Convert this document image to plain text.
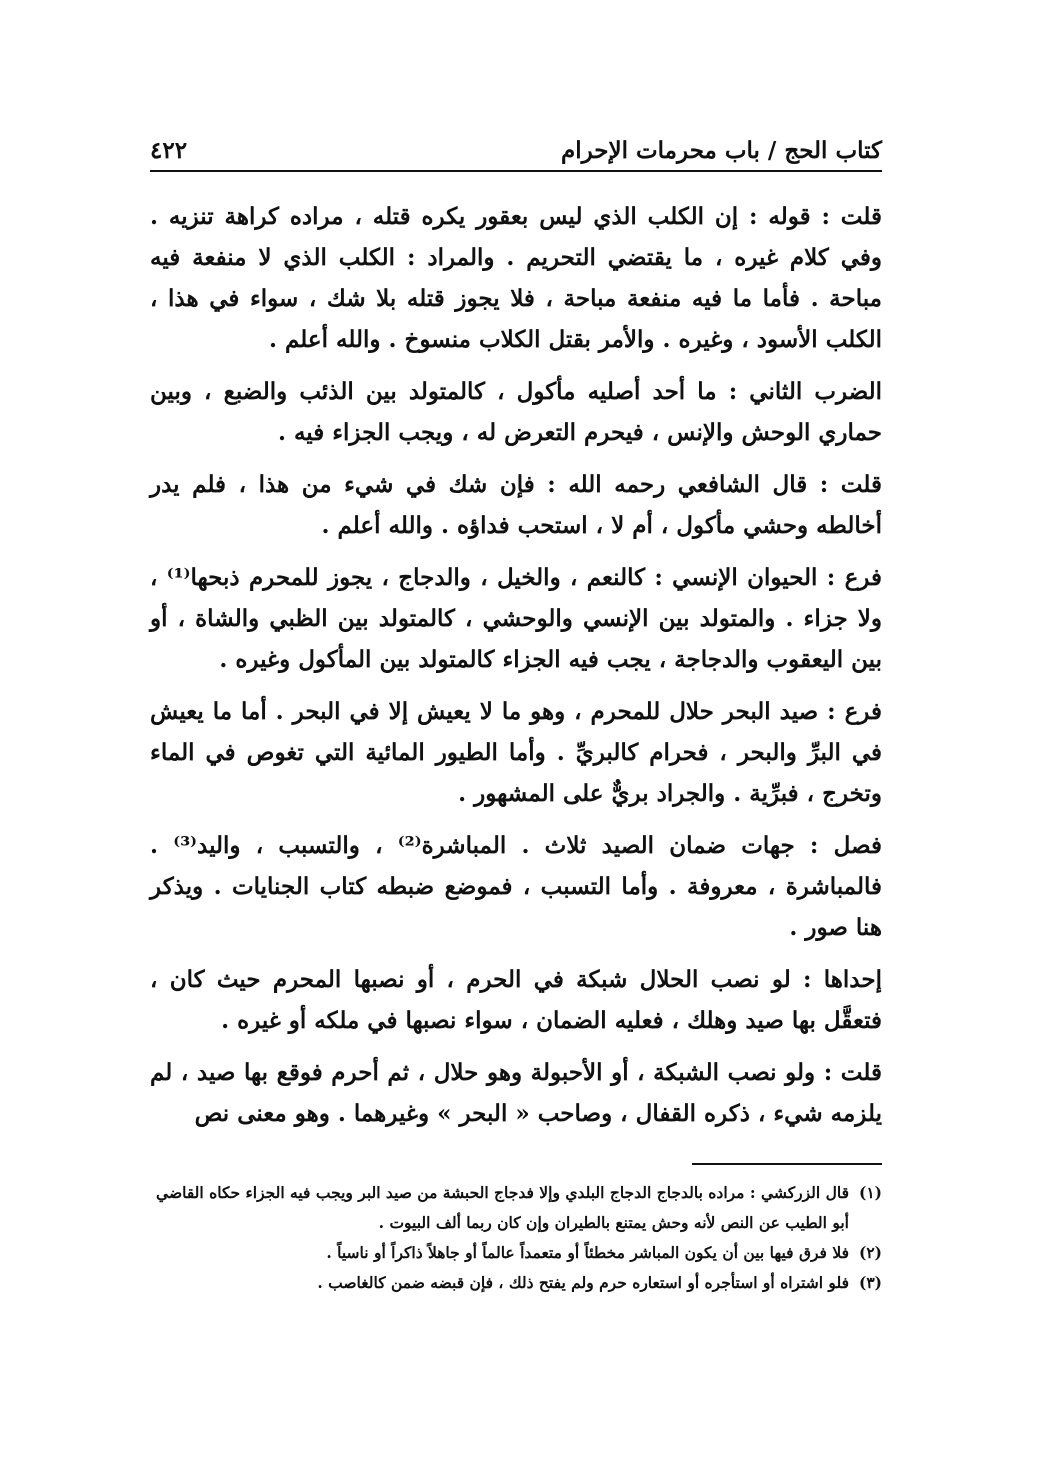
كتاب الحج / باب محرمات الإحرام
٤٢٢

قلت : قوله : إن الكلب الذي ليس بعقور يكره قتله ، مراده كراهة تنزيه . وفي كلام غيره ، ما يقتضي التحريم . والمراد : الكلب الذي لا منفعة فيه مباحة . فأما ما فيه منفعة مباحة ، فلا يجوز قتله بلا شك ، سواء في هذا ، الكلب الأسود ، وغيره . والأمر بقتل الكلاب منسوخ . والله أعلم .

الضرب الثاني : ما أحد أصليه مأكول ، كالمتولد بين الذئب والضبع ، وبين حماري الوحش والإنس ، فيحرم التعرض له ، ويجب الجزاء فيه .

قلت : قال الشافعي رحمه الله : فإن شك في شيء من هذا ، فلم يدر أخالطه وحشي مأكول ، أم لا ، استحب فداؤه . والله أعلم .

فرع : الحيوان الإنسي : كالنعم ، والخيل ، والدجاج ، يجوز للمحرم ذبحها⁽¹⁾ ، ولا جزاء . والمتولد بين الإنسي والوحشي ، كالمتولد بين الظبي والشاة ، أو بين اليعقوب والدجاجة ، يجب فيه الجزاء كالمتولد بين المأكول وغيره .

فرع : صيد البحر حلال للمحرم ، وهو ما لا يعيش إلا في البحر . أما ما يعيش في البرِّ والبحر ، فحرام كالبريِّ . وأما الطيور المائية التي تغوص في الماء وتخرج ، فبرِّية . والجراد بريٌّ على المشهور .

فصل : جهات ضمان الصيد ثلاث . المباشرة⁽²⁾ ، والتسبب ، واليد⁽³⁾ . فالمباشرة ، معروفة . وأما التسبب ، فموضع ضبطه كتاب الجنايات . ويذكر هنا صور .

إحداها : لو نصب الحلال شبكة في الحرم ، أو نصبها المحرم حيث كان ، فتعقَّل بها صيد وهلك ، فعليه الضمان ، سواء نصبها في ملكه أو غيره .

قلت : ولو نصب الشبكة ، أو الأحبولة وهو حلال ، ثم أحرم فوقع بها صيد ، لم يلزمه شيء ، ذكره القفال ، وصاحب « البحر » وغيرهما . وهو معنى نص

(١)
قال الزركشي : مراده بالدجاج الدجاج البلدي وإلا فدجاج الحبشة من صيد البر ويجب فيه الجزاء حكاه القاضي أبو الطيب عن النص لأنه وحش يمتنع بالطيران وإن كان ربما ألف البيوت .
(٢)
فلا فرق فيها بين أن يكون المباشر مخطئاً أو متعمداً عالماً أو جاهلاً ذاكراً أو ناسياً .
(٣)
فلو اشتراه أو استأجره أو استعاره حرم ولم يفتح ذلك ، فإن قبضه ضمن كالغاصب .
